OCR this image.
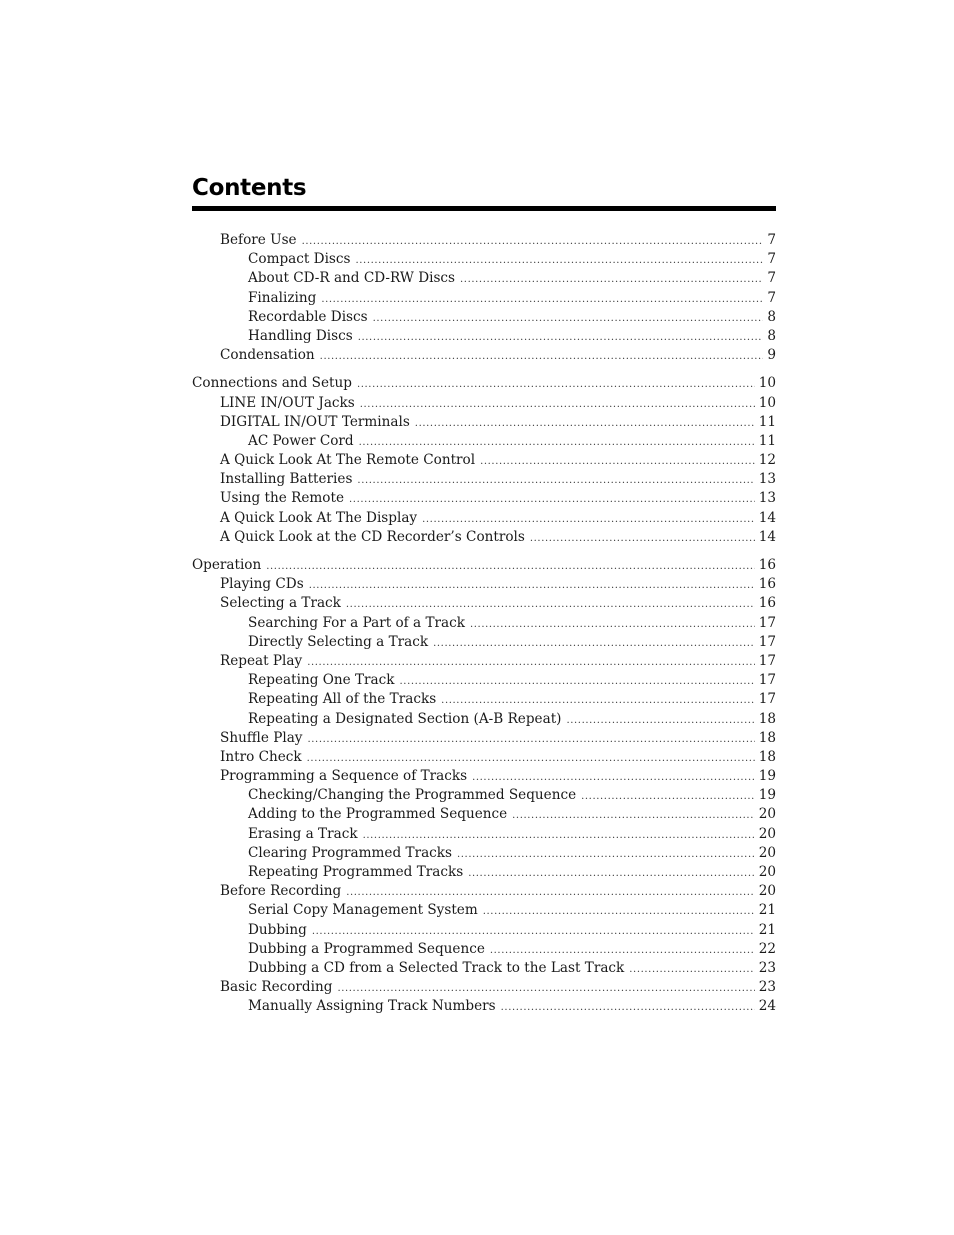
Contents
Before Use .....	7
Compact Discs .....	7
About CD-R and CD-RW Discs .....	7
Finalizing .....	7
Recordable Discs .....	8
Handling Discs .....	8
Condensation .....	9
Connections and Setup .....	10
LINE IN/OUT Jacks .....	10
DIGITAL IN/OUT Terminals .....	11
AC Power Cord .....	11
A Quick Look At The Remote Control .....	12
Installing Batteries .....	13
Using the Remote .....	13
A Quick Look At The Display .....	14
A Quick Look at the CD Recorder’s Controls .....	14
Operation .....	16
Playing CDs .....	16
Selecting a Track .....	16
Searching For a Part of a Track .....	17
Directly Selecting a Track .....	17
Repeat Play .....	17
Repeating One Track .....	17
Repeating All of the Tracks .....	17
Repeating a Designated Section (A-B Repeat) .....	18
Shuffle Play .....	18
Intro Check .....	18
Programming a Sequence of Tracks .....	19
Checking/Changing the Programmed Sequence .....	19
Adding to the Programmed Sequence .....	20
Erasing a Track .....	20
Clearing Programmed Tracks .....	20
Repeating Programmed Tracks .....	20
Before Recording .....	20
Serial Copy Management System .....	21
Dubbing .....	21
Dubbing a Programmed Sequence .....	22
Dubbing a CD from a Selected Track to the Last Track .....	23
Basic Recording .....	23
Manually Assigning Track Numbers .....	24
